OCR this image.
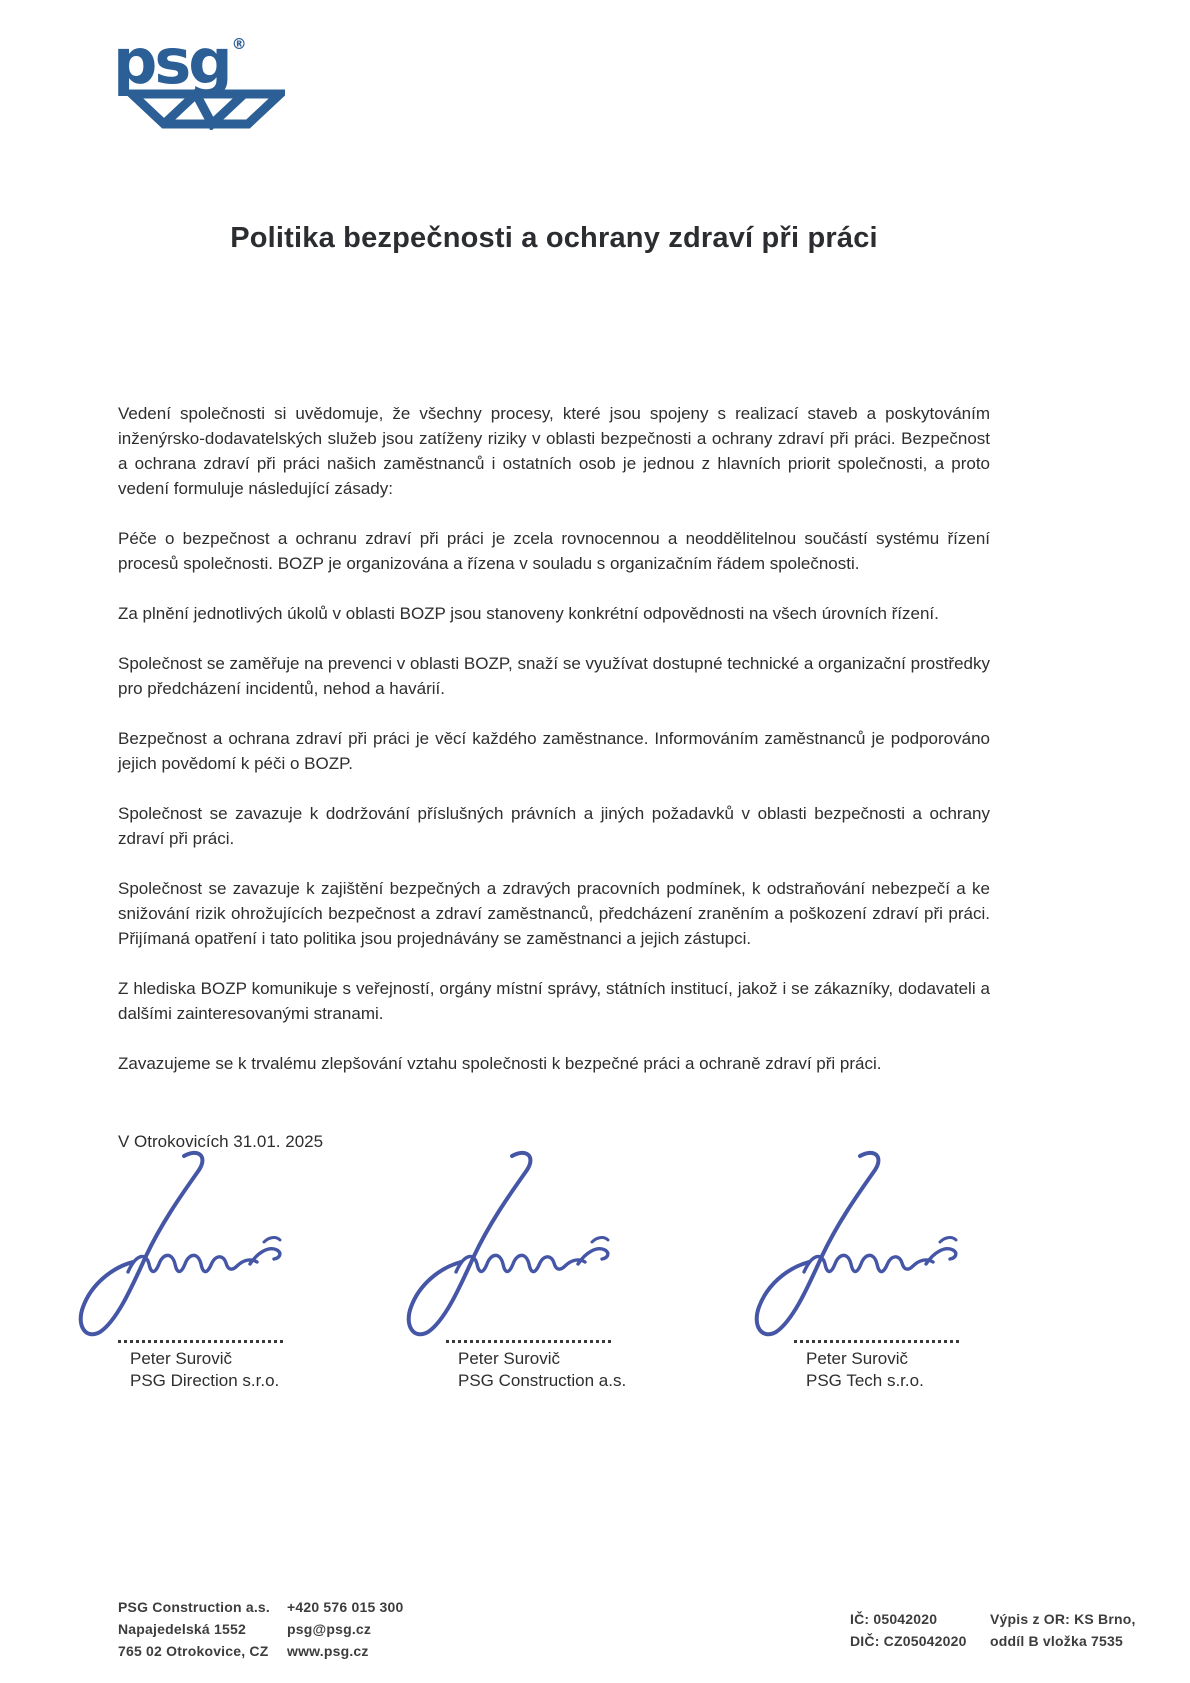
psg ®
Politika bezpečnosti a ochrany zdraví při práci

Vedení společnosti si uvědomuje, že všechny procesy, které jsou spojeny s realizací staveb a poskytováním inženýrsko-dodavatelských služeb jsou zatíženy riziky v oblasti bezpečnosti a ochrany zdraví při práci. Bezpečnost a ochrana zdraví při práci našich zaměstnanců i ostatních osob je jednou z hlavních priorit společnosti, a proto vedení formuluje následující zásady:

Péče o bezpečnost a ochranu zdraví při práci je zcela rovnocennou a neoddělitelnou součástí systému řízení procesů společnosti. BOZP je organizována a řízena v souladu s organizačním řádem společnosti.

Za plnění jednotlivých úkolů v oblasti BOZP jsou stanoveny konkrétní odpovědnosti na všech úrovních řízení.

Společnost se zaměřuje na prevenci v oblasti BOZP, snaží se využívat dostupné technické a organizační prostředky pro předcházení incidentů, nehod a havárií.

Bezpečnost a ochrana zdraví při práci je věcí každého zaměstnance. Informováním zaměstnanců je podporováno jejich povědomí k péči o BOZP.

Společnost se zavazuje k dodržování příslušných právních a jiných požadavků v oblasti bezpečnosti a ochrany zdraví při práci.

Společnost se zavazuje k zajištění bezpečných a zdravých pracovních podmínek, k odstraňování nebezpečí a ke snižování rizik ohrožujících bezpečnost a zdraví zaměstnanců, předcházení zraněním a poškození zdraví při práci. Přijímaná opatření i tato politika jsou projednávány se zaměstnanci a jejich zástupci.

Z hlediska BOZP komunikuje s veřejností, orgány místní správy, státních institucí, jakož i se zákazníky, dodavateli a dalšími zainteresovanými stranami.

Zavazujeme se k trvalému zlepšování vztahu společnosti k bezpečné práci a ochraně zdraví při práci.

V Otrokovicích 31.01. 2025
Peter Surovič
PSG Direction s.r.o.
Peter Surovič
PSG Construction a.s.
Peter Surovič
PSG Tech s.r.o.
PSG Construction a.s.
Napajedelská 1552
765 02 Otrokovice, CZ
+420 576 015 300
psg@psg.cz
www.psg.cz
IČ: 05042020
DIČ: CZ05042020
Výpis z OR: KS Brno,
oddíl B vložka 7535
